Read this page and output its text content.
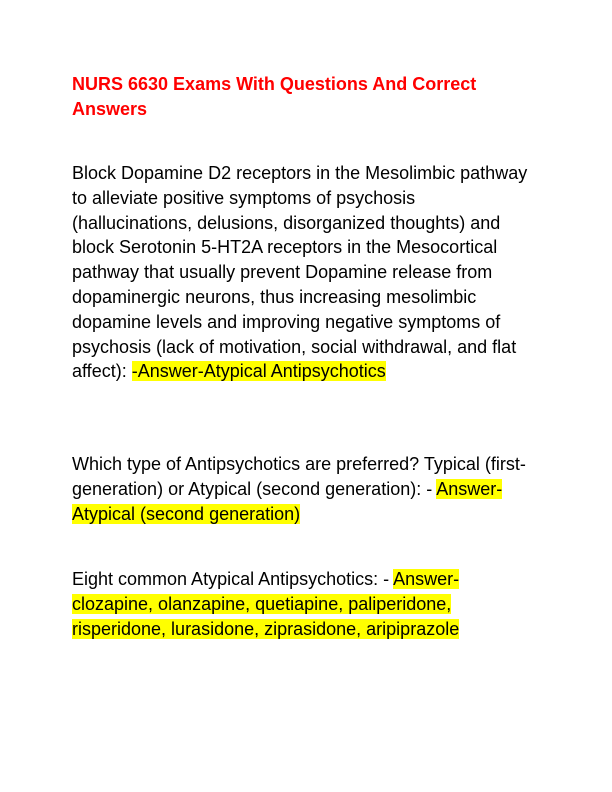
NURS 6630 Exams With Questions And Correct Answers

Block Dopamine D2 receptors in the Mesolimbic pathway to alleviate positive symptoms of psychosis (hallucinations, delusions, disorganized thoughts) and block Serotonin 5-HT2A receptors in the Mesocortical pathway that usually prevent Dopamine release from dopaminergic neurons, thus increasing mesolimbic dopamine levels and improving negative symptoms of psychosis (lack of motivation, social withdrawal, and flat affect): -Answer-Atypical Antipsychotics

Which type of Antipsychotics are preferred? Typical (first-generation) or Atypical (second generation): - Answer-Atypical (second generation)

Eight common Atypical Antipsychotics: - Answer-clozapine, olanzapine, quetiapine, paliperidone, risperidone, lurasidone, ziprasidone, aripiprazole
